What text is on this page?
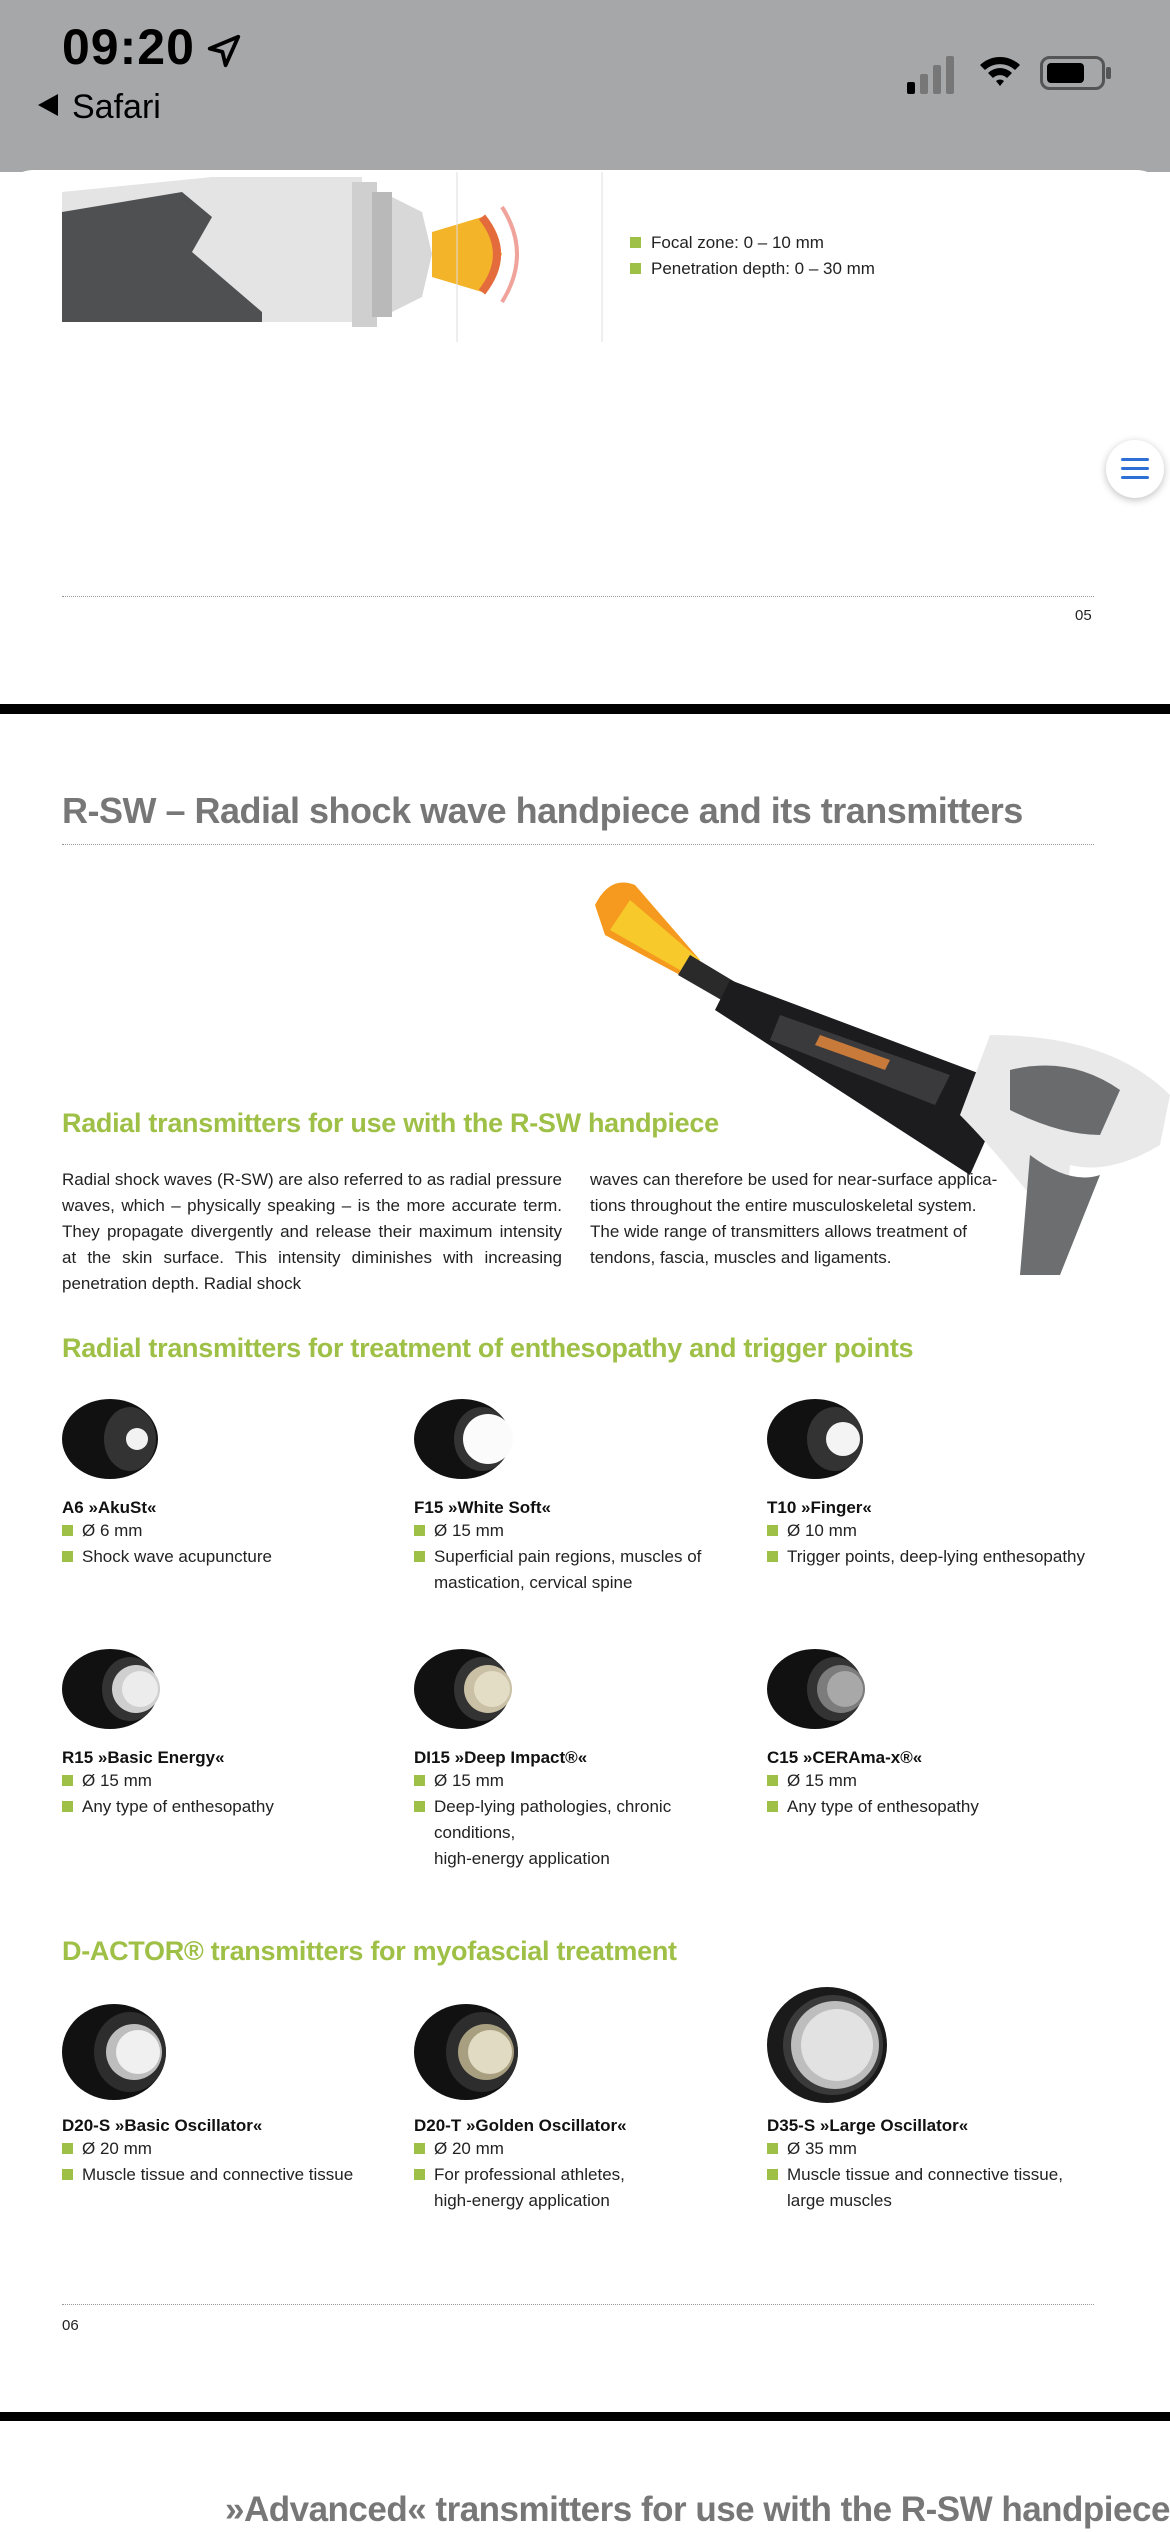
09:20
Safari
Focal zone: 0 – 10 mm
Penetration depth: 0 – 30 mm
05
R-SW – Radial shock wave handpiece and its transmitters
Radial transmitters for use with the R-SW handpiece
Radial shock waves (R-SW) are also referred to as radial pressure waves, which – physically speaking – is the more accurate term. They propagate divergently and release their maximum intensity at the skin surface. This intensity diminishes with increasing penetration depth. Radial shock
waves can therefore be used for near-surface applica-tions throughout the entire musculoskeletal system. The wide range of transmitters allows treatment of tendons, fascia, muscles and ligaments.
Radial transmitters for treatment of enthesopathy and trigger points
A6 »AkuSt«
Ø 6 mm
Shock wave acupuncture
F15 »White Soft«
Ø 15 mm
Superficial pain regions, muscles of
mastication, cervical spine
T10 »Finger«
Ø 10 mm
Trigger points, deep-lying enthesopathy
R15 »Basic Energy«
Ø 15 mm
Any type of enthesopathy
DI15 »Deep Impact®«
Ø 15 mm
Deep-lying pathologies, chronic conditions,
high-energy application
C15 »CERAma-x®«
Ø 15 mm
Any type of enthesopathy
D-ACTOR® transmitters for myofascial treatment
D20-S »Basic Oscillator«
Ø 20 mm
Muscle tissue and connective tissue
D20-T »Golden Oscillator«
Ø 20 mm
For professional athletes,
high-energy application
D35-S »Large Oscillator«
Ø 35 mm
Muscle tissue and connective tissue,
large muscles
06
»Advanced« transmitters for use with the R-SW handpiece
